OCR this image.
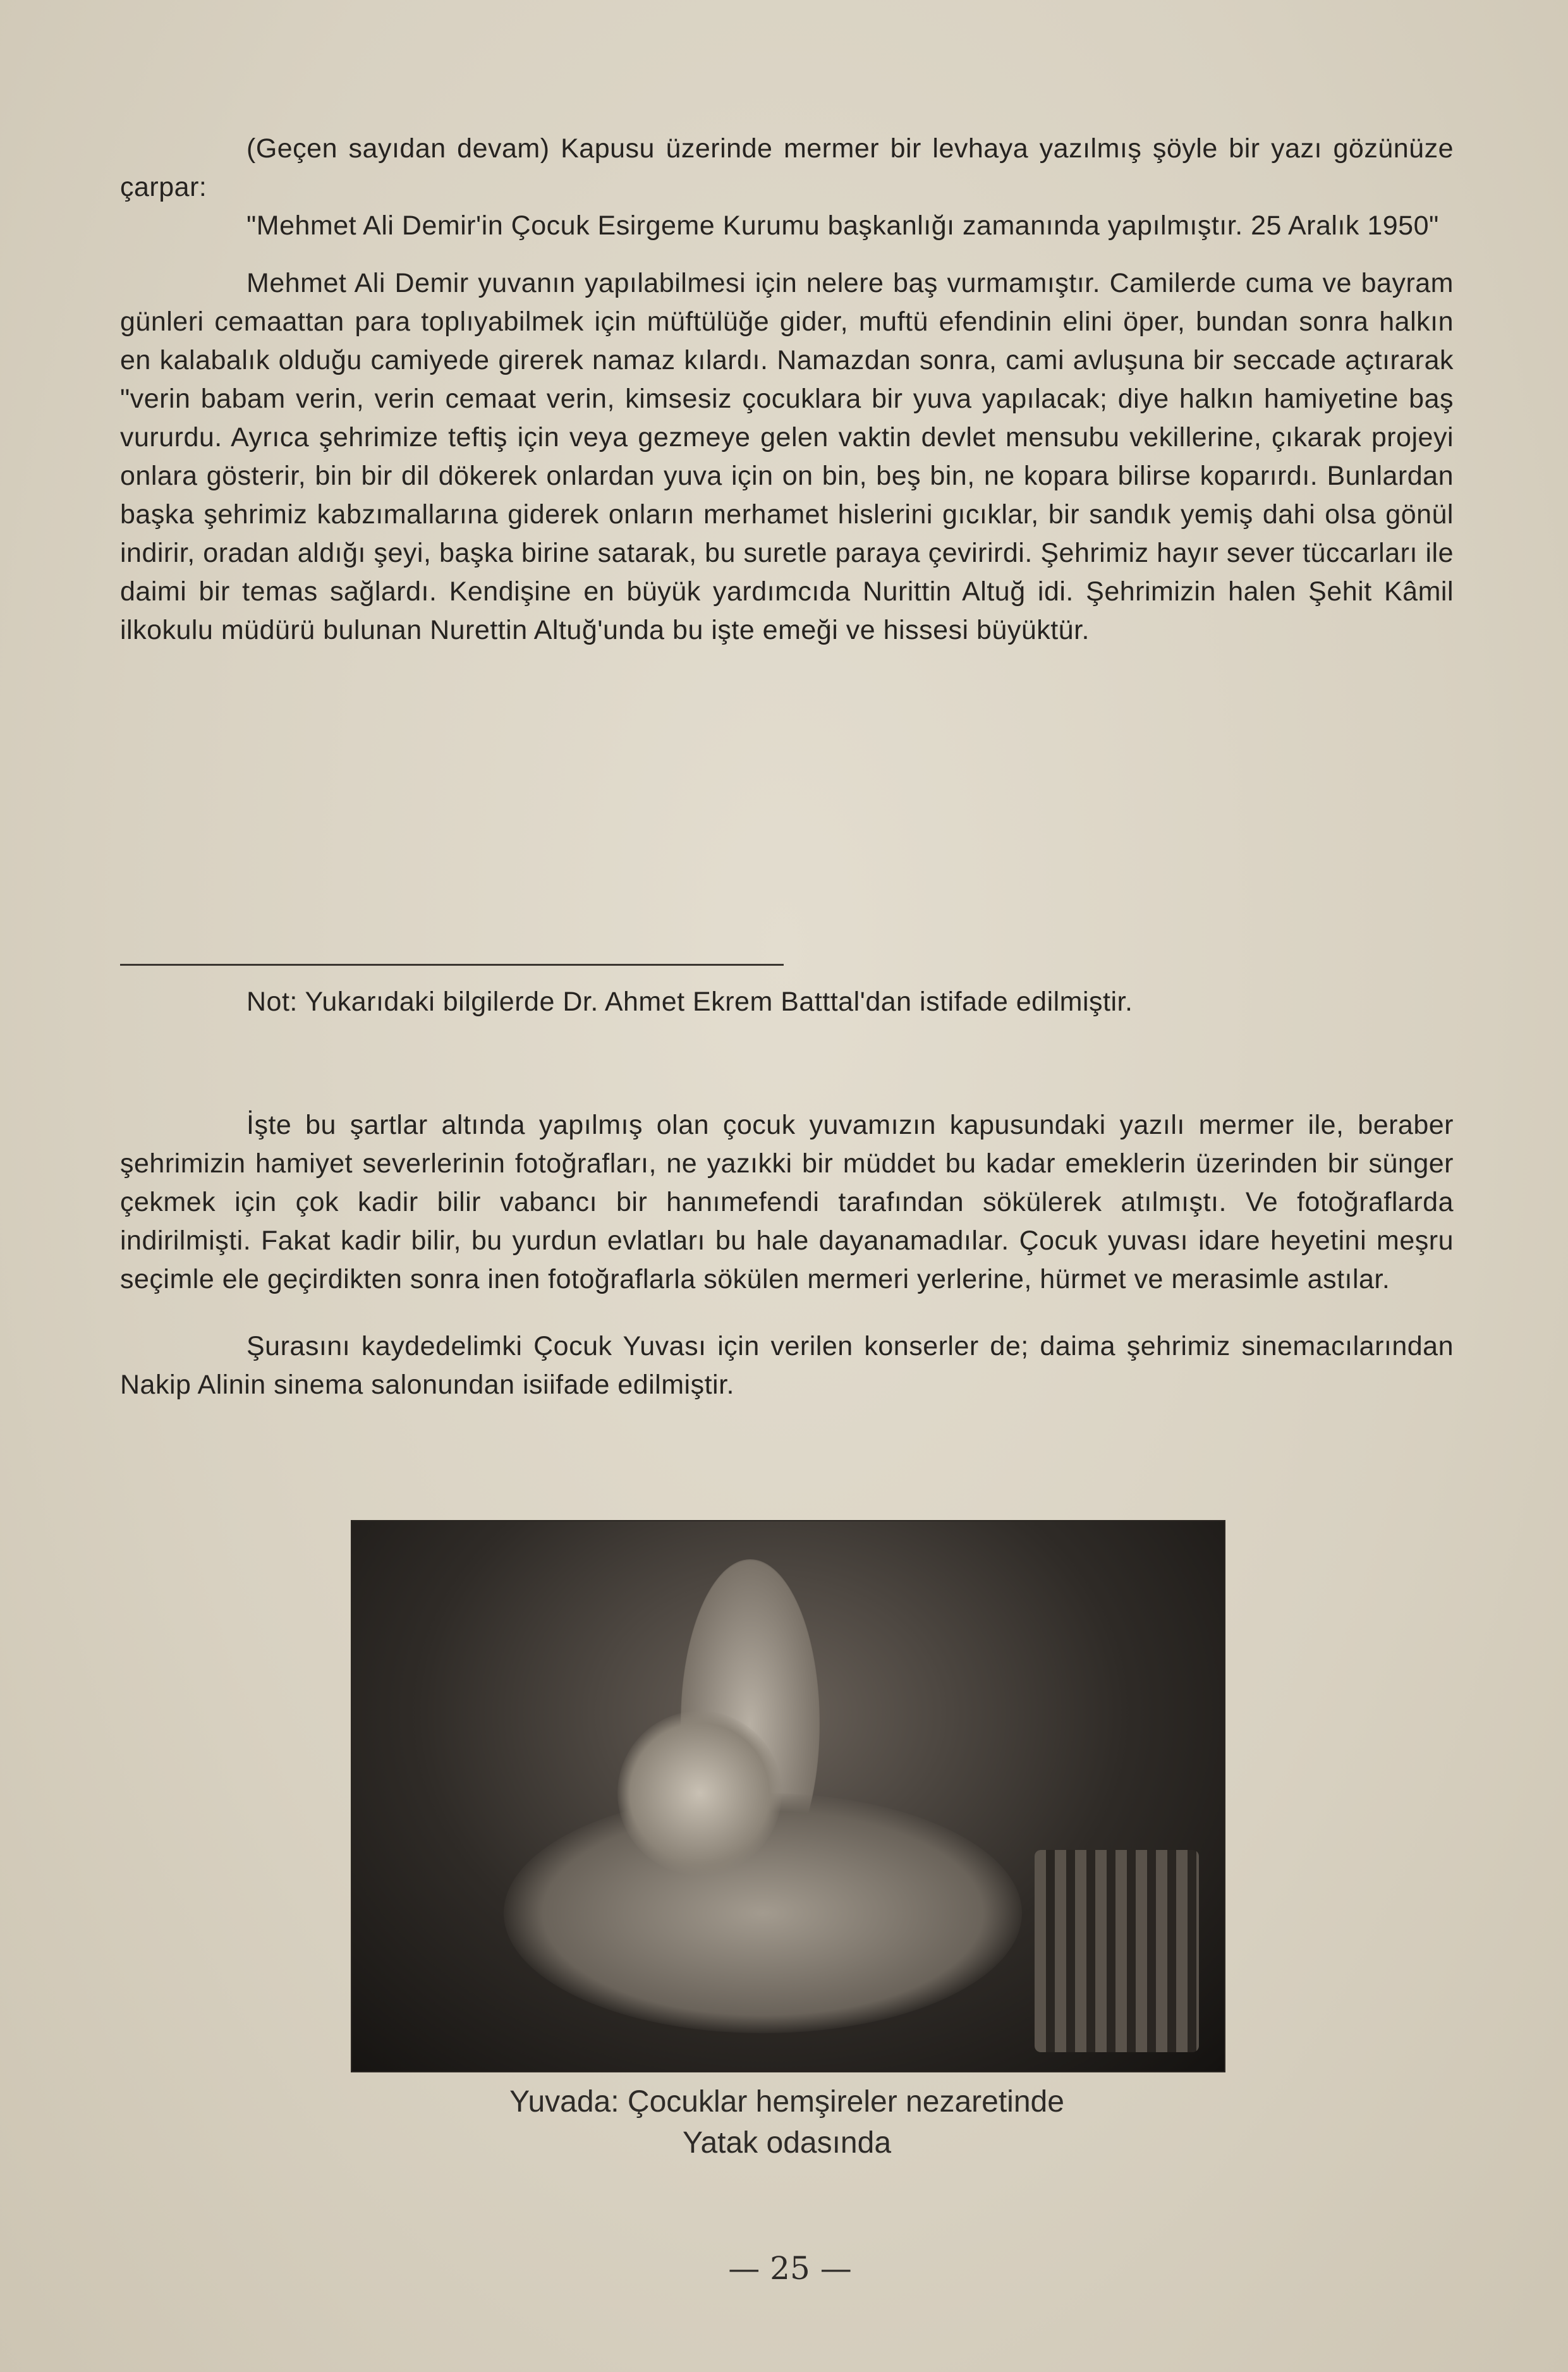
(Geçen sayıdan devam) Kapusu üzerinde mermer bir levhaya yazılmış şöyle bir yazı gözünüze çarpar:

"Mehmet Ali Demir'in Çocuk Esirgeme Kurumu başkanlığı zamanında yapılmıştır. 25 Aralık 1950"

Mehmet Ali Demir yuvanın yapılabilmesi için nelere baş vurmamıştır. Camilerde cuma ve bayram günleri cemaattan para toplıyabilmek için müftülüğe gider, muftü efendinin elini öper, bundan sonra halkın en kalabalık olduğu camiyede girerek namaz kılardı. Namazdan sonra, cami avluşuna bir seccade açtırarak "verin babam verin, verin cemaat verin, kimsesiz çocuklara bir yuva yapılacak; diye halkın hamiyetine baş vururdu. Ayrıca şehrimize teftiş için veya gezmeye gelen vaktin devlet mensubu vekillerine, çıkarak projeyi onlara gösterir, bin bir dil dökerek onlardan yuva için on bin, beş bin, ne kopara bilirse koparırdı. Bunlardan başka şehrimiz kabzımallarına giderek onların merhamet hislerini gıcıklar, bir sandık yemiş dahi olsa gönül indirir, oradan aldığı şeyi, başka birine satarak, bu suretle paraya çevirirdi. Şehrimiz hayır sever tüccarları ile daimi bir temas sağlardı. Kendişine en büyük yardımcıda Nurittin Altuğ idi. Şehrimizin halen Şehit Kâmil ilkokulu müdürü bulunan Nurettin Altuğ'unda bu işte emeği ve hissesi büyüktür.

Not: Yukarıdaki bilgilerde Dr. Ahmet Ekrem Batttal'dan istifade edilmiştir.

İşte bu şartlar altında yapılmış olan çocuk yuvamızın kapusundaki yazılı mermer ile, beraber şehrimizin hamiyet severlerinin fotoğrafları, ne yazıkki bir müddet bu kadar emeklerin üzerinden bir sünger çekmek için çok kadir bilir vabancı bir hanımefendi tarafından sökülerek atılmıştı. Ve fotoğraflarda indirilmişti. Fakat kadir bilir, bu yurdun evlatları bu hale dayanamadılar. Çocuk yuvası idare heyetini meşru seçimle ele geçirdikten sonra inen fotoğraflarla sökülen mermeri yerlerine, hürmet ve merasimle astılar.

Şurasını kaydedelimki Çocuk Yuvası için verilen konserler de; daima şehrimiz sinemacılarından Nakip Alinin sinema salonundan isiifade edilmiştir.

Yuvada: Çocuklar hemşireler nezaretinde
Yatak odasında
— 25 —
